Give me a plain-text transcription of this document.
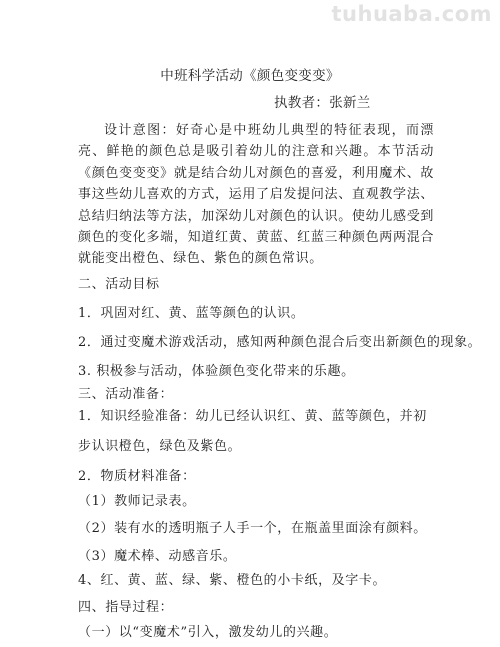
tuhuaba.com
中班科学活动《颜色变变变》
执教者：张新兰

设计意图：好奇心是中班幼儿典型的特征表现，而漂亮、鲜艳的颜色总是吸引着幼儿的注意和兴趣。本节活动《颜色变变变》就是结合幼儿对颜色的喜爱，利用魔术、故事这些幼儿喜欢的方式，运用了启发提问法、直观教学法、总结归纳法等方法，加深幼儿对颜色的认识。使幼儿感受到颜色的变化多端，知道红黄、黄蓝、红蓝三种颜色两两混合就能变出橙色、绿色、紫色的颜色常识。

二、活动目标
1．巩固对红、黄、蓝等颜色的认识。
2．通过变魔术游戏活动，感知两种颜色混合后变出新颜色的现象。
3. 积极参与活动，体验颜色变化带来的乐趣。
三、活动准备：

1．知识经验准备：幼儿已经认识红、黄、蓝等颜色，并初步认识橙色，绿色及紫色。

2．物质材料准备：
（1）教师记录表。
（2）装有水的透明瓶子人手一个，在瓶盖里面涂有颜料。
（3）魔术棒、动感音乐。
4、红、黄、蓝、绿、紫、橙色的小卡纸，及字卡。
四、指导过程：
（一）以“变魔术”引入，激发幼儿的兴趣。
